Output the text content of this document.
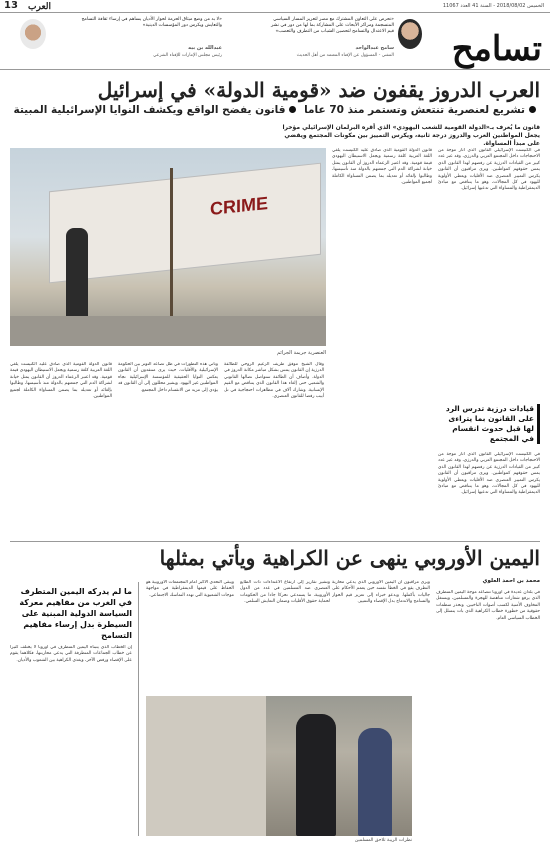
13 العرب	الخميس 2018/08/02 - السنة 41 العدد 11067
تسامح
«نحرص على التعاون المشترك مع مصر لتعزيز المسار السياسي المنسجمة ومراكز الأبحاث على المشاركة بما لها من دور في نشر قيم الاعتدال والتسامح لتحصين الشباب من التطرف والتعصب»
سامح عبدالواحد
المفتي - المسؤول عن الإفتاء المعتمد من أهل الحديث
«لا بد من وضع ميثاق الحرمة لحوار الأديان يساهم في إرساء ثقافة التسامح والتعايش ويكرس دور المؤسسات الدينية»
عبدالله بن بيه
رئيس مجلس الإمارات للإفتاء الشرعي
العرب الدروز يقفون ضد «قومية الدولة» في إسرائيل
تشريع لعنصرية تنتعش وتستمر منذ 70 عاما قانون يفضح الواقع ويكشف النوايا الإسرائيلية المبيتة
قانون ما يُعرف بـ«الدولة القومية للشعب اليهودي» الذي أقره البرلمان الإسرائيلي مؤخرا يجعل المواطنين العرب والدروز درجة ثانية، ويكرس التمييز بين مكونات المجتمع ويقضي على مبدأ المساواة.
CRIME
العنصرية جريمة الجرائم
في الكنيست الإسرائيلي القانون الذي أثار موجة من الاحتجاجات داخل المجتمع العربي والدرزي، وقد عبر عدد كبير من القيادات الدرزية عن رفضهم لهذا القانون الذي يمس حقوقهم كمواطنين. ويرى مراقبون أن القانون يكرس التمييز العنصري ضد الأقليات ويعطي الأولوية لليهود في كل المجالات، وهو ما يتناقض مع مبادئ الديمقراطية والمساواة التي تدعيها إسرائيل.
قانون الدولة القومية الذي صادق عليه الكنيست يلغي اللغة العربية كلغة رسمية ويجعل الاستيطان اليهودي قيمة قومية. وقد اعتبر الزعماء الدروز أن القانون يمثل خيانة لشراكة الدم التي جمعتهم بالدولة منذ تأسيسها، وطالبوا بإلغائه أو تعديله بما يضمن المساواة الكاملة لجميع المواطنين.
قيادات درزية تدرس الرد على القانون بما يتراءى لها قبل حدوث انقسام في المجتمع
في الكنيست الإسرائيلي القانون الذي أثار موجة من الاحتجاجات داخل المجتمع العربي والدرزي، وقد عبر عدد كبير من القيادات الدرزية عن رفضهم لهذا القانون الذي يمس حقوقهم كمواطنين. ويرى مراقبون أن القانون يكرس التمييز العنصري ضد الأقليات ويعطي الأولوية لليهود في كل المجالات، وهو ما يتناقض مع مبادئ الديمقراطية والمساواة التي تدعيها إسرائيل.
وقال الشيخ موفق طريف الزعيم الروحي للطائفة الدرزية إن القانون يمس بشكل مباشر مكانة الدروز في الدولة. وأضاف أن الطائفة ستواصل نضالها القانوني والشعبي حتى إلغاء هذا القانون الذي يتناقض مع القيم الإنسانية. وشارك آلاف في مظاهرات احتجاجية في تل أبيب رفضا للقانون العنصري.
وتأتي هذه التطورات في ظل تصاعد التوتر بين الحكومة الإسرائيلية والأقليات، حيث يرى منتقدون أن القانون يعكس النوايا الحقيقية للمؤسسة الإسرائيلية تجاه المواطنين غير اليهود. ويشير محللون إلى أن القانون قد يؤدي إلى مزيد من الانقسام داخل المجتمع.
قانون الدولة القومية الذي صادق عليه الكنيست يلغي اللغة العربية كلغة رسمية ويجعل الاستيطان اليهودي قيمة قومية. وقد اعتبر الزعماء الدروز أن القانون يمثل خيانة لشراكة الدم التي جمعتهم بالدولة منذ تأسيسها، وطالبوا بإلغائه أو تعديله بما يضمن المساواة الكاملة لجميع المواطنين.
اليمين الأوروبي ينهى عن الكراهية ويأتي بمثلها
محمد بن احمد العلوي
في بلدان عديدة في أوروبا تتصاعد موجة اليمين المتطرف الذي يرفع شعارات مناهضة للهجرة والمسلمين، ويستغل المخاوف الأمنية لكسب أصوات الناخبين. وتحذر منظمات حقوقية من خطورة خطاب الكراهية الذي بات يتسلل إلى الخطاب السياسي العام.
ويرى مراقبون أن اليمين الأوروبي الذي يدعي محاربة التطرف يقع في الخطأ نفسه حين يعمم الأحكام على جاليات بأكملها. ويدعو خبراء إلى تعزيز قيم الحوار والتسامح والاندماج بدل الإقصاء والتمييز.
وتشير تقارير إلى ارتفاع الاعتداءات ذات الطابع العنصري ضد المسلمين في عدد من الدول الأوروبية، ما يستدعي تحركا جادا من الحكومات لحماية حقوق الأقليات وضمان التعايش السلمي.
ويبقى التحدي الأكبر أمام المجتمعات الأوروبية هو الحفاظ على قيمها الديمقراطية في مواجهة موجات الشعبوية التي تهدد التماسك الاجتماعي.
نظرات الريبة تلاحق المسلمين
ما لم يدركه اليمين المتطرف في الغرب من مفاهيم معركة السياسة الدولية المبنية على السيطرة بدل إرساء مفاهيم التسامح
إن الخطاب الذي يتبناه اليمين المتطرف في أوروبا لا يختلف كثيرا عن خطاب الجماعات المتطرفة التي يدعي محاربتها، فكلاهما يقوم على الإقصاء ورفض الآخر، ويغذي الكراهية بين الشعوب والأديان.
